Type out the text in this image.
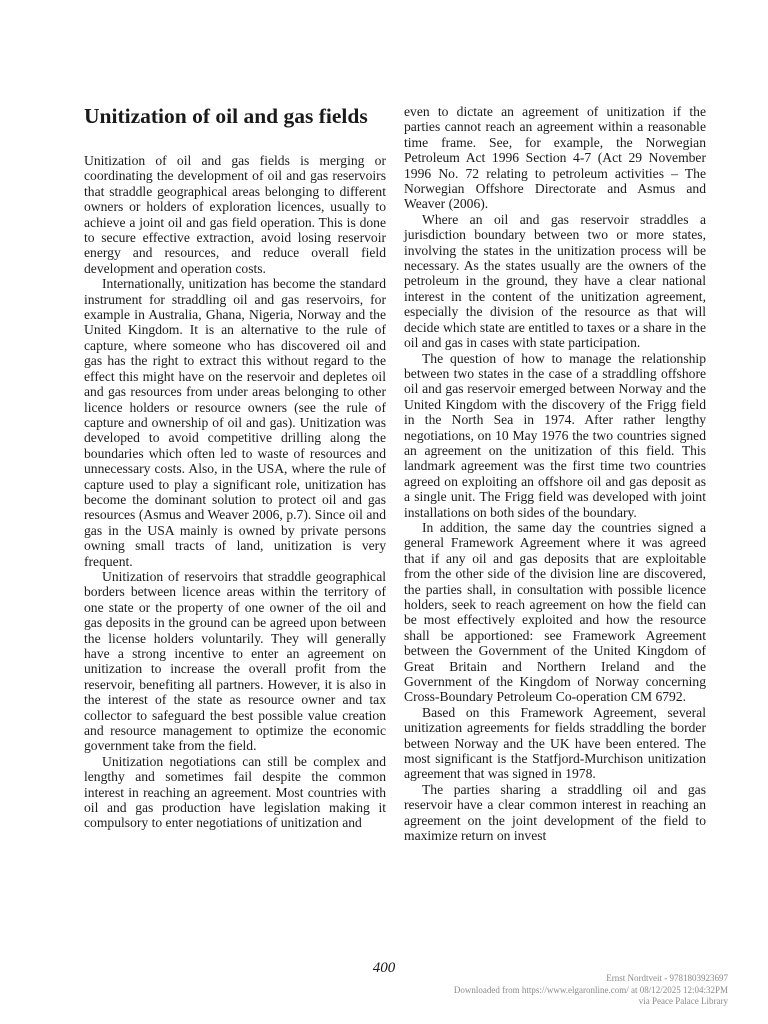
Unitization of oil and gas fields

Unitization of oil and gas fields is merging or coordinating the development of oil and gas reservoirs that straddle geographical areas belonging to different owners or holders of exploration licences, usually to achieve a joint oil and gas field operation. This is done to secure effective extraction, avoid losing reservoir energy and resources, and reduce overall field development and operation costs.

Internationally, unitization has become the standard instrument for straddling oil and gas reservoirs, for example in Australia, Ghana, Nigeria, Norway and the United Kingdom. It is an alternative to the rule of capture, where someone who has discovered oil and gas has the right to extract this without regard to the effect this might have on the reservoir and depletes oil and gas resources from under areas belonging to other licence holders or resource owners (see the rule of capture and ownership of oil and gas). Unitization was developed to avoid competitive drilling along the boundaries which often led to waste of resources and unnecessary costs. Also, in the USA, where the rule of capture used to play a significant role, unitization has become the dominant solution to protect oil and gas resources (Asmus and Weaver 2006, p.7). Since oil and gas in the USA mainly is owned by private persons owning small tracts of land, unitization is very frequent.

Unitization of reservoirs that straddle geographical borders between licence areas within the territory of one state or the property of one owner of the oil and gas deposits in the ground can be agreed upon between the license holders voluntarily. They will generally have a strong incentive to enter an agreement on unitization to increase the overall profit from the reservoir, benefiting all partners. However, it is also in the interest of the state as resource owner and tax collector to safeguard the best possible value creation and resource management to optimize the economic government take from the field.

Unitization negotiations can still be complex and lengthy and sometimes fail despite the common interest in reaching an agreement. Most countries with oil and gas production have legislation making it compulsory to enter negotiations of unitization and

even to dictate an agreement of unitization if the parties cannot reach an agreement within a reasonable time frame. See, for example, the Norwegian Petroleum Act 1996 Section 4-7 (Act 29 November 1996 No. 72 relating to petroleum activities – The Norwegian Offshore Directorate and Asmus and Weaver (2006).

Where an oil and gas reservoir straddles a jurisdiction boundary between two or more states, involving the states in the unitization process will be necessary. As the states usually are the owners of the petroleum in the ground, they have a clear national interest in the content of the unitization agreement, especially the division of the resource as that will decide which state are entitled to taxes or a share in the oil and gas in cases with state participation.

The question of how to manage the relationship between two states in the case of a straddling offshore oil and gas reservoir emerged between Norway and the United Kingdom with the discovery of the Frigg field in the North Sea in 1974. After rather lengthy negotiations, on 10 May 1976 the two countries signed an agreement on the unitization of this field. This landmark agreement was the first time two countries agreed on exploiting an offshore oil and gas deposit as a single unit. The Frigg field was developed with joint installations on both sides of the boundary.

In addition, the same day the countries signed a general Framework Agreement where it was agreed that if any oil and gas deposits that are exploitable from the other side of the division line are discovered, the parties shall, in consultation with possible licence holders, seek to reach agreement on how the field can be most effectively exploited and how the resource shall be apportioned: see Framework Agreement between the Government of the United Kingdom of Great Britain and Northern Ireland and the Government of the Kingdom of Norway concerning Cross-Boundary Petroleum Co-operation CM 6792.

Based on this Framework Agreement, several unitization agreements for fields straddling the border between Norway and the UK have been entered. The most significant is the Statfjord-Murchison unitization agreement that was signed in 1978.

The parties sharing a straddling oil and gas reservoir have a clear common interest in reaching an agreement on the joint development of the field to maximize return on invest

400
Ernst Nordtveit - 9781803923697
Downloaded from https://www.elgaronline.com/ at 08/12/2025 12:04:32PM
via Peace Palace Library
